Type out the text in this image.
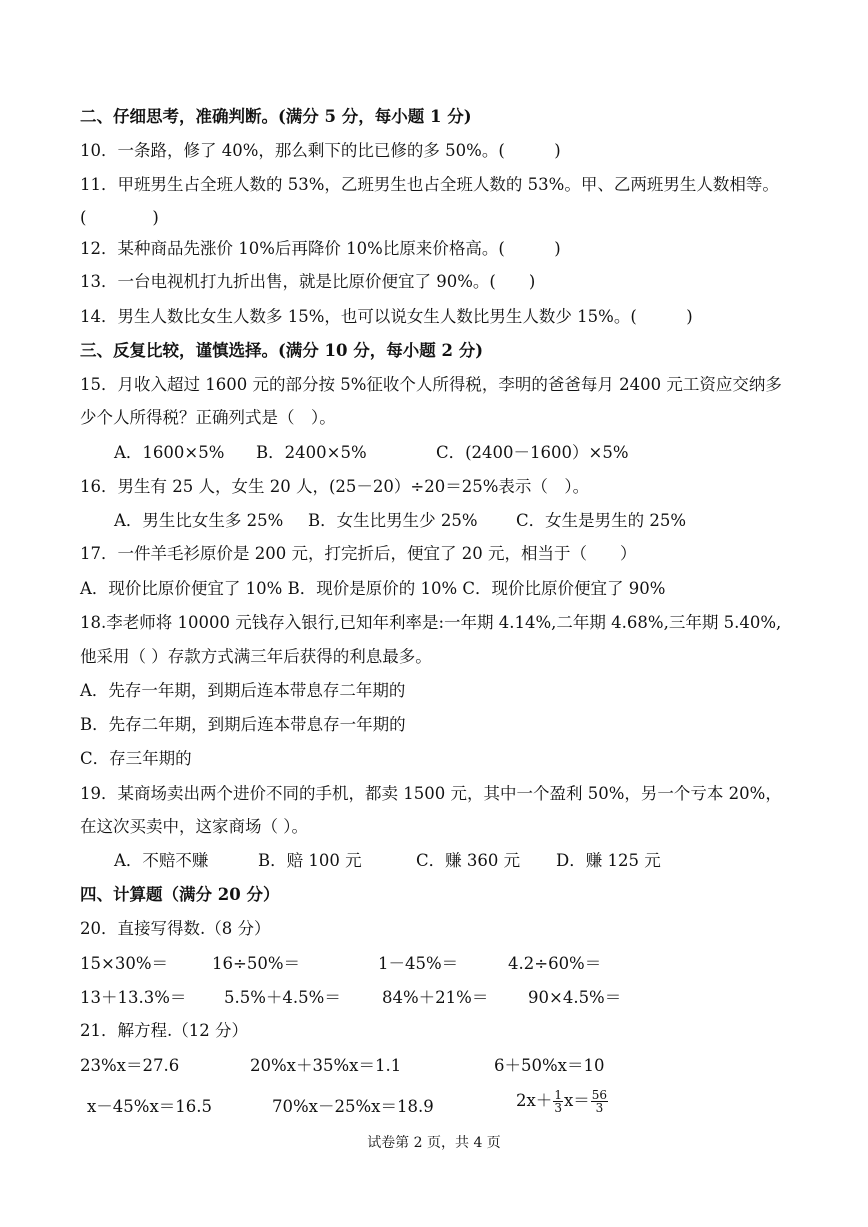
二、仔细思考，准确判断。(满分 5 分，每小题 1 分)
10．一条路，修了 40%，那么剩下的比已修的多 50%。(　　　)
11．甲班男生占全班人数的 53%，乙班男生也占全班人数的 53%。甲、乙两班男生人数相等。
(　　　　)
12．某种商品先涨价 10%后再降价 10%比原来价格高。(　　　)
13．一台电视机打九折出售，就是比原价便宜了 90%。(　　)
14．男生人数比女生人数多 15%，也可以说女生人数比男生人数少 15%。(　　　)
三、反复比较，谨慎选择。(满分 10 分，每小题 2 分)
15．月收入超过 1600 元的部分按 5%征收个人所得税，李明的爸爸每月 2400 元工资应交纳多
少个人所得税？正确列式是（　）。
A．1600×5% B．2400×5%	C．(2400－1600）×5%
16．男生有 25 人，女生 20 人，(25－20）÷20＝25%表示（　）。
A．男生比女生多 25% B．女生比男生少 25% C．女生是男生的 25%
17．一件羊毛衫原价是 200 元，打完折后，便宜了 20 元，相当于（　　）
A．现价比原价便宜了 10% B．现价是原价的 10% C．现价比原价便宜了 90%
18.李老师将 10000 元钱存入银行,已知年利率是:一年期 4.14%,二年期 4.68%,三年期 5.40%,
他采用（ ）存款方式满三年后获得的利息最多。
A．先存一年期，到期后连本带息存二年期的
B．先存二年期，到期后连本带息存一年期的
C．存三年期的
19．某商场卖出两个进价不同的手机，都卖 1500 元，其中一个盈利 50%，另一个亏本 20%，
在这次买卖中，这家商场（ ）。
A．不赔不赚	B．赔 100 元	C．赚 360 元 D．赚 125 元
四、计算题（满分 20 分）
20．直接写得数.（8 分）
15×30%＝	16÷50%＝	1－45%＝	4.2÷60%＝
13＋13.3%＝ 5.5%＋4.5%＝ 84%＋21%＝ 90×4.5%＝
21．解方程.（12 分）
23%x＝27.6	20%x＋35%x＝1.1	6＋50%x＝10
x－45%x＝16.5	70%x－25%x＝18.9	$2x+ \frac{1}{3} x= \frac{56}{3}$
试卷第 2 页，共 4 页
